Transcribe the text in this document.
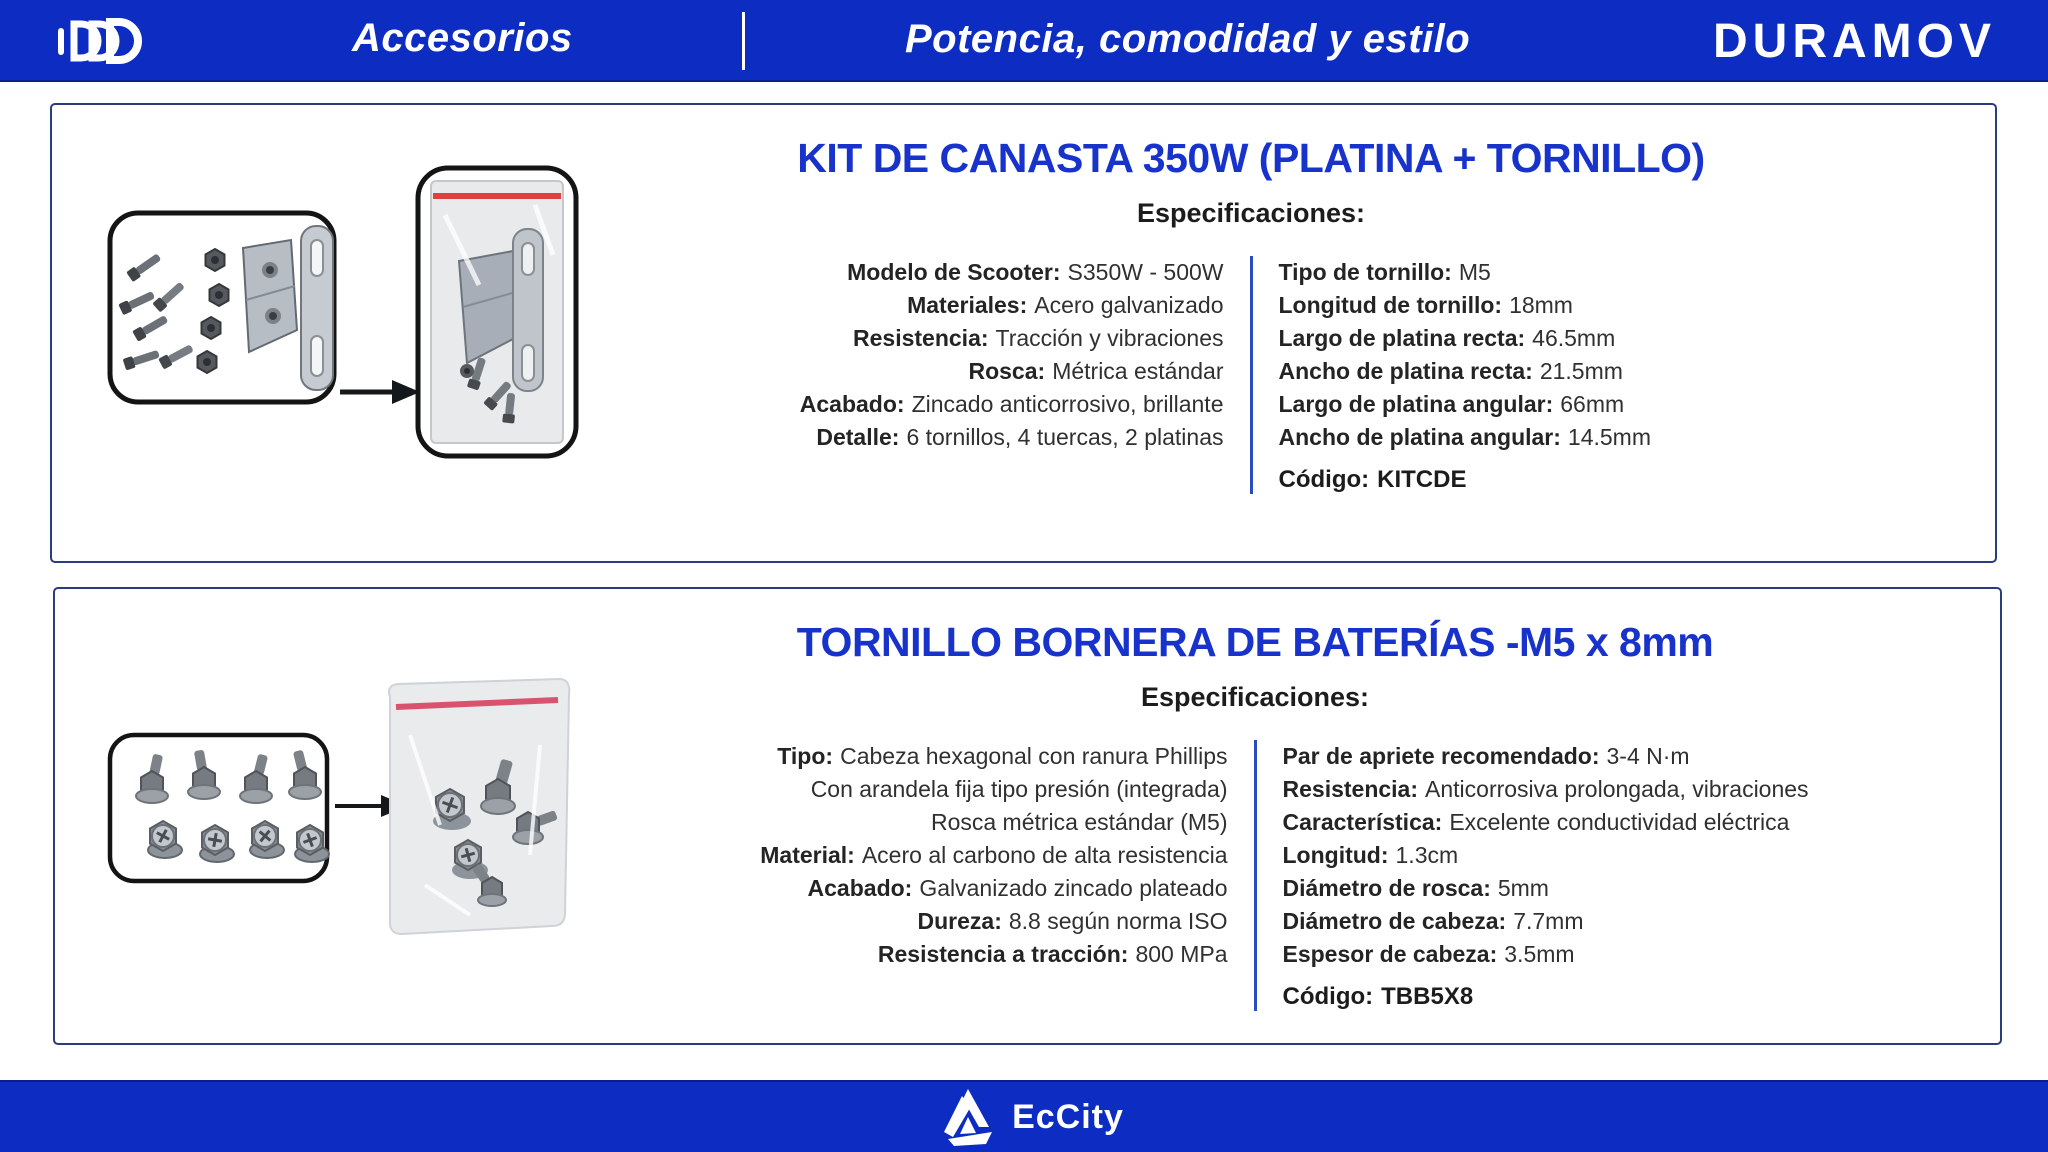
Accesorios	Potencia, comodidad y estilo	DURAMOV
KIT DE CANASTA 350W (PLATINA + TORNILLO)
Especificaciones:
Modelo de Scooter: S350W - 500W
Materiales: Acero galvanizado
Resistencia: Tracción y vibraciones
Rosca: Métrica estándar
Acabado: Zincado anticorrosivo, brillante
Detalle: 6 tornillos, 4 tuercas, 2 platinas
Tipo de tornillo: M5
Longitud de tornillo: 18mm
Largo de platina recta: 46.5mm
Ancho de platina recta: 21.5mm
Largo de platina angular: 66mm
Ancho de platina angular: 14.5mm
Código: KITCDE
TORNILLO BORNERA DE BATERÍAS -M5 x 8mm
Especificaciones:
Tipo: Cabeza hexagonal con ranura Phillips
Con arandela fija tipo presión (integrada)
Rosca métrica estándar (M5)
Material: Acero al carbono de alta resistencia
Acabado: Galvanizado zincado plateado
Dureza: 8.8 según norma ISO
Resistencia a tracción: 800 MPa
Par de apriete recomendado: 3-4 N·m
Resistencia: Anticorrosiva prolongada, vibraciones
Característica: Excelente conductividad eléctrica
Longitud: 1.3cm
Diámetro de rosca: 5mm
Diámetro de cabeza: 7.7mm
Espesor de cabeza: 3.5mm
Código: TBB5X8
EcCity
